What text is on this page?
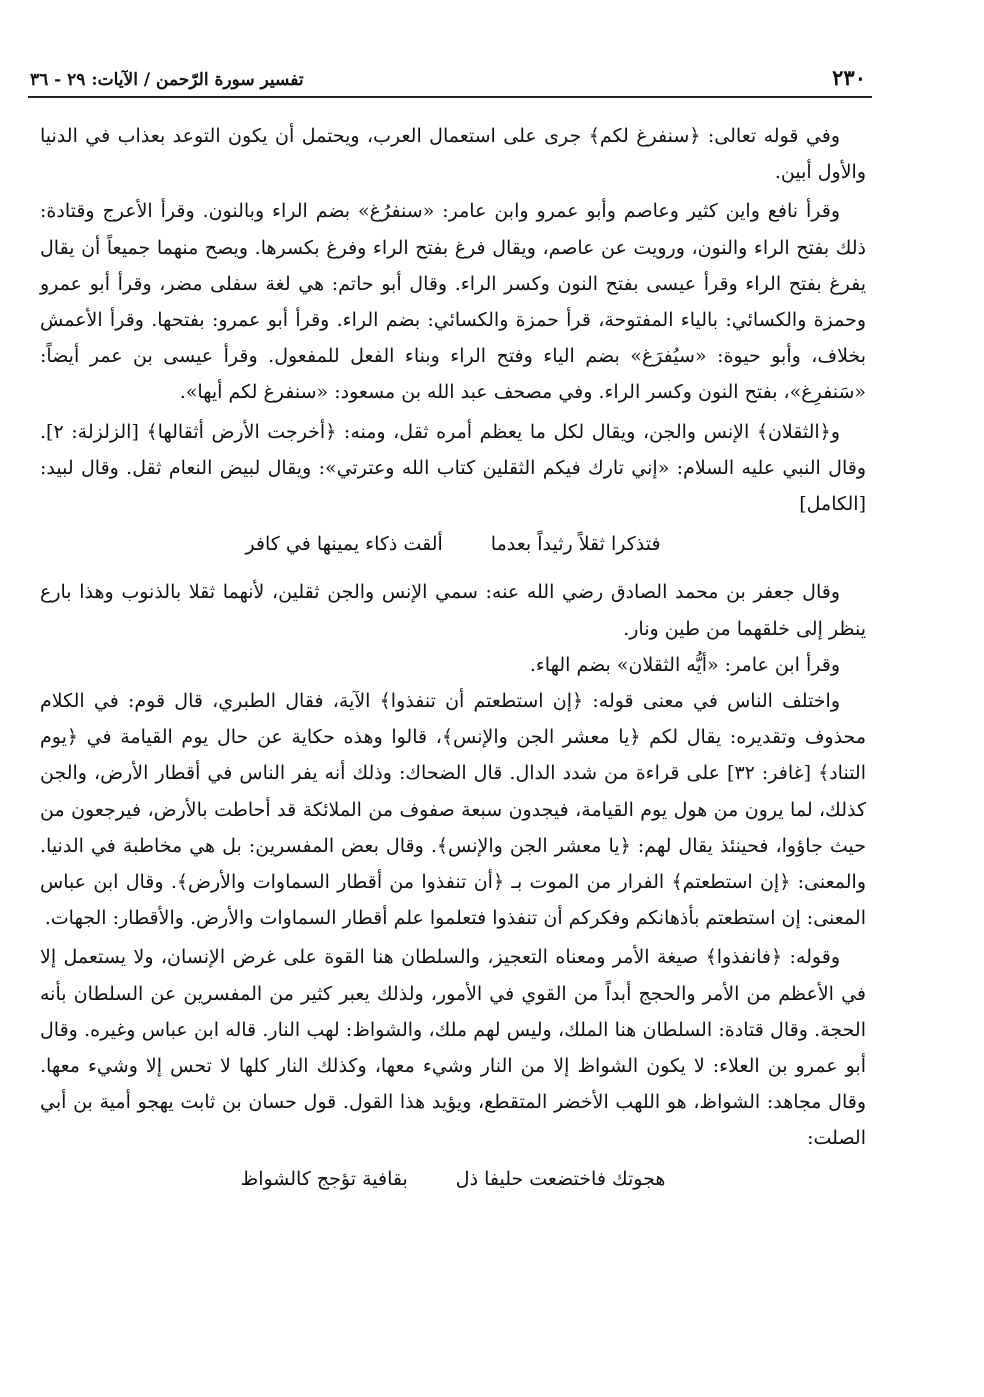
٢٣٠
تفسير سورة الرّحمن / الآيات: ٢٩ - ٣٦

وفي قوله تعالى: ﴿سنفرغ لكم﴾ جرى على استعمال العرب، ويحتمل أن يكون التوعد بعذاب في الدنيا والأول أبين.

وقرأ نافع واين كثير وعاصم وأبو عمرو وابن عامر: «سنفرُغ» بضم الراء وبالنون. وقرأ الأعرج وقتادة: ذلك بفتح الراء والنون، ورويت عن عاصم، ويقال فرغ بفتح الراء وفرغ بكسرها. ويصح منهما جميعاً أن يقال يفرغ بفتح الراء وقرأ عيسى بفتح النون وكسر الراء. وقال أبو حاتم: هي لغة سفلى مضر، وقرأ أبو عمرو وحمزة والكسائي: بالياء المفتوحة، قرأ حمزة والكسائي: بضم الراء. وقرأ أبو عمرو: بفتحها. وقرأ الأعمش بخلاف، وأبو حيوة: «سيُفرَغ» بضم الياء وفتح الراء وبناء الفعل للمفعول. وقرأ عيسى بن عمر أيضاً: «سَنفرِغ»، بفتح النون وكسر الراء. وفي مصحف عبد الله بن مسعود: «سنفرغ لكم أيها».

و﴿الثقلان﴾ الإنس والجن، ويقال لكل ما يعظم أمره ثقل، ومنه: ﴿أخرجت الأرض أثقالها﴾ [الزلزلة: ٢]. وقال النبي عليه السلام: «إني تارك فيكم الثقلين كتاب الله وعترتي»: ويقال لبيض النعام ثقل. وقال لبيد: [الكامل]

فتذكرا ثقلاً رثيداً بعدما
ألقت ذكاء يمينها في كافر

وقال جعفر بن محمد الصادق رضي الله عنه: سمي الإنس والجن ثقلين، لأنهما ثقلا بالذنوب وهذا بارع ينظر إلى خلقهما من طين ونار.

وقرأ ابن عامر: «أيُّه الثقلان» بضم الهاء.

واختلف الناس في معنى قوله: ﴿إن استطعتم أن تنفذوا﴾ الآية، فقال الطبري، قال قوم: في الكلام محذوف وتقديره: يقال لكم ﴿يا معشر الجن والإنس﴾، قالوا وهذه حكاية عن حال يوم القيامة في ﴿يوم التناد﴾ [غافر: ٣٢] على قراءة من شدد الدال. قال الضحاك: وذلك أنه يفر الناس في أقطار الأرض، والجن كذلك، لما يرون من هول يوم القيامة، فيجدون سبعة صفوف من الملائكة قد أحاطت بالأرض، فيرجعون من حيث جاؤوا، فحينئذ يقال لهم: ﴿يا معشر الجن والإنس﴾. وقال بعض المفسرين: بل هي مخاطبة في الدنيا. والمعنى: ﴿إن استطعتم﴾ الفرار من الموت بـ ﴿أن تنفذوا من أقطار السماوات والأرض﴾. وقال ابن عباس المعنى: إن استطعتم بأذهانكم وفكركم أن تنفذوا فتعلموا علم أقطار السماوات والأرض. والأقطار: الجهات.

وقوله: ﴿فانفذوا﴾ صيغة الأمر ومعناه التعجيز، والسلطان هنا القوة على غرض الإنسان، ولا يستعمل إلا في الأعظم من الأمر والحجج أبداً من القوي في الأمور، ولذلك يعبر كثير من المفسرين عن السلطان بأنه الحجة. وقال قتادة: السلطان هنا الملك، وليس لهم ملك، والشواظ: لهب النار. قاله ابن عباس وغيره. وقال أبو عمرو بن العلاء: لا يكون الشواظ إلا من النار وشيء معها، وكذلك النار كلها لا تحس إلا وشيء معها. وقال مجاهد: الشواظ، هو اللهب الأخضر المتقطع، ويؤيد هذا القول. قول حسان بن ثابت يهجو أمية بن أبي الصلت:

هجوتك فاختضعت حليفا ذل
بقافية تؤجج كالشواظ
